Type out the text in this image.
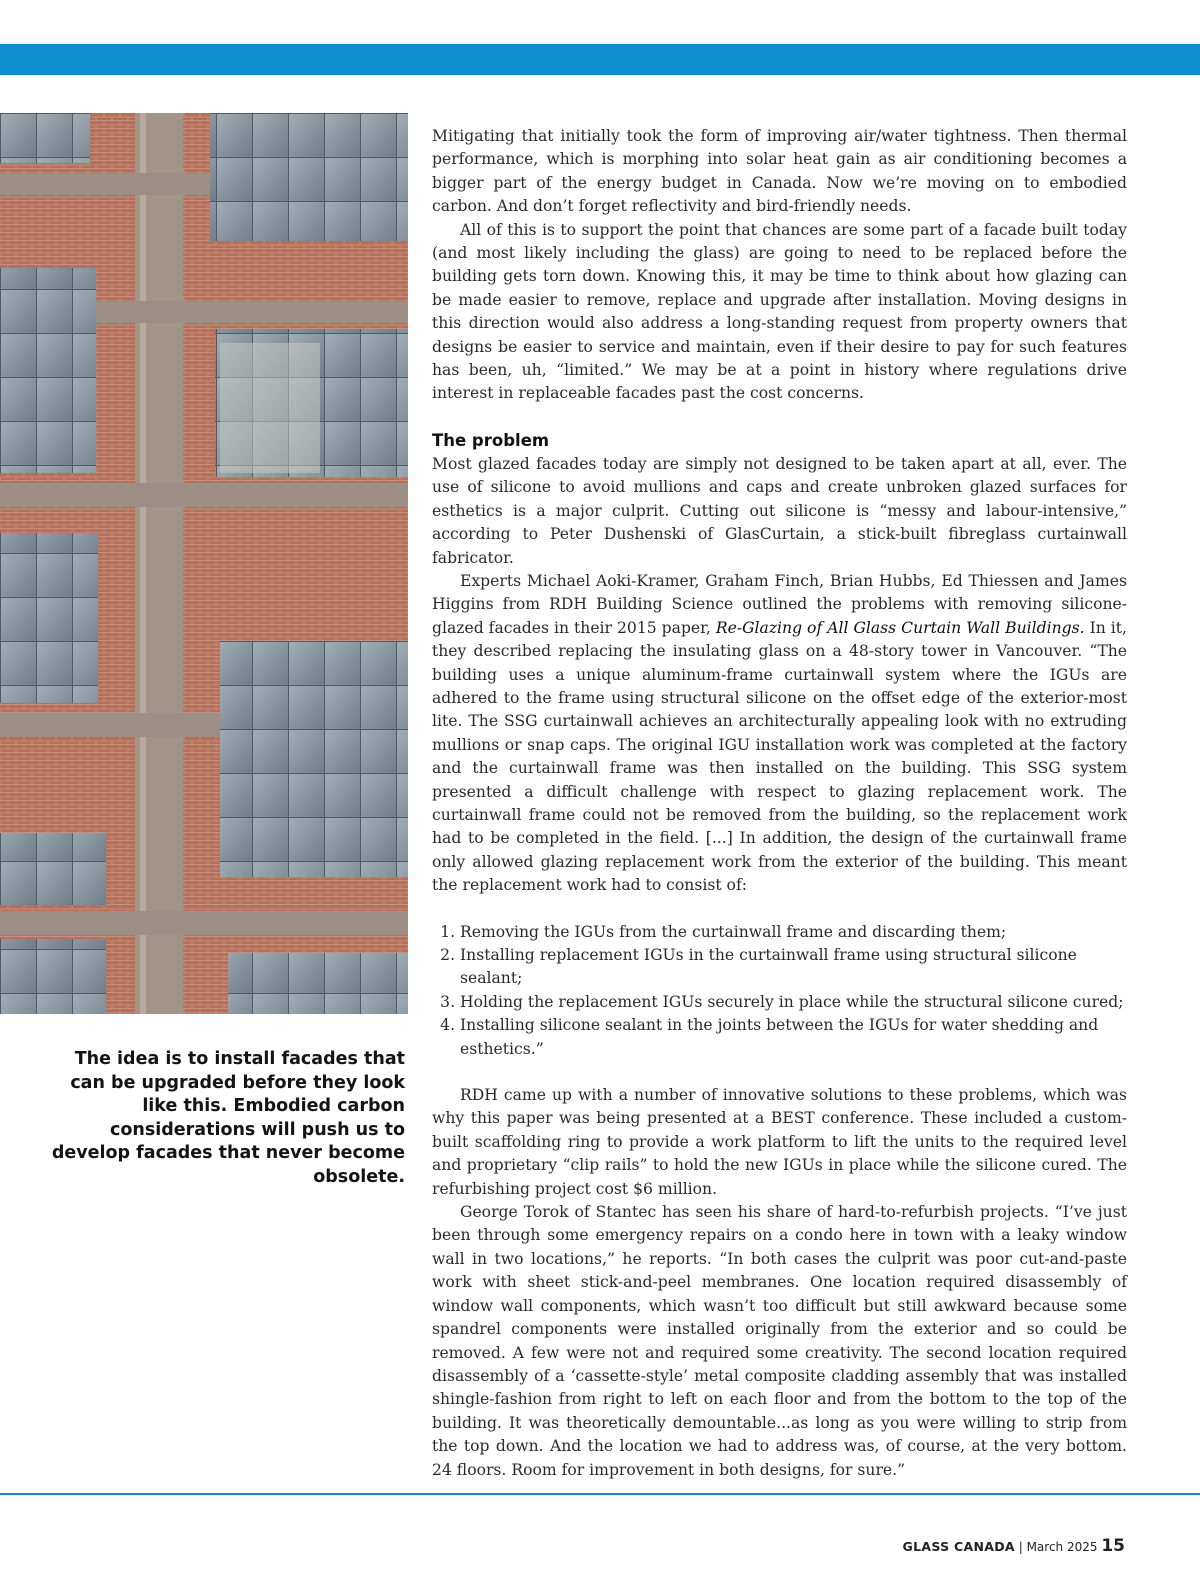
The idea is to install facades that can be upgraded before they look like this. Embodied carbon considerations will push us to develop facades that never become obsolete.

Mitigating that initially took the form of improving air/water tightness. Then thermal performance, which is morphing into solar heat gain as air conditioning becomes a bigger part of the energy budget in Canada. Now we’re moving on to embodied carbon. And don’t forget reflectivity and bird-friendly needs.

All of this is to support the point that chances are some part of a facade built today (and most likely including the glass) are going to need to be replaced before the building gets torn down. Knowing this, it may be time to think about how glazing can be made easier to remove, replace and upgrade after installation. Moving designs in this direction would also address a long-standing request from property owners that designs be easier to service and maintain, even if their desire to pay for such features has been, uh, “limited.” We may be at a point in history where regulations drive interest in replaceable facades past the cost concerns.

The problem

Most glazed facades today are simply not designed to be taken apart at all, ever. The use of silicone to avoid mullions and caps and create unbroken glazed surfaces for esthetics is a major culprit. Cutting out silicone is “messy and labour-intensive,” according to Peter Dushenski of GlasCurtain, a stick-built fibreglass curtainwall fabricator.

Experts Michael Aoki-Kramer, Graham Finch, Brian Hubbs, Ed Thiessen and James Higgins from RDH Building Science outlined the problems with removing silicone-glazed facades in their 2015 paper, Re-Glazing of All Glass Curtain Wall Buildings. In it, they described replacing the insulating glass on a 48-story tower in Vancouver. “The building uses a unique aluminum-frame curtainwall system where the IGUs are adhered to the frame using structural silicone on the offset edge of the exterior-most lite. The SSG curtainwall achieves an architecturally appealing look with no extruding mullions or snap caps. The original IGU installation work was completed at the factory and the curtainwall frame was then installed on the building. This SSG system presented a difficult challenge with respect to glazing replacement work. The curtainwall frame could not be removed from the building, so the replacement work had to be completed in the field. [...] In addition, the design of the curtainwall frame only allowed glazing replacement work from the exterior of the building. This meant the replacement work had to consist of:

1. Removing the IGUs from the curtainwall frame and discarding them;
2. Installing replacement IGUs in the curtainwall frame using structural silicone sealant;
3. Holding the replacement IGUs securely in place while the structural silicone cured;
4. Installing silicone sealant in the joints between the IGUs for water shedding and esthetics.”

RDH came up with a number of innovative solutions to these problems, which was why this paper was being presented at a BEST conference. These included a custom-built scaffolding ring to provide a work platform to lift the units to the required level and proprietary “clip rails” to hold the new IGUs in place while the silicone cured. The refurbishing project cost $6 million.

George Torok of Stantec has seen his share of hard-to-refurbish projects. “I’ve just been through some emergency repairs on a condo here in town with a leaky window wall in two locations,” he reports. “In both cases the culprit was poor cut-and-paste work with sheet stick-and-peel membranes. One location required disassembly of window wall components, which wasn’t too difficult but still awkward because some spandrel components were installed originally from the exterior and so could be removed. A few were not and required some creativity. The second location required disassembly of a ‘cassette-style’ metal composite cladding assembly that was installed shingle-fashion from right to left on each floor and from the bottom to the top of the building. It was theoretically demountable...as long as you were willing to strip from the top down. And the location we had to address was, of course, at the very bottom. 24 floors. Room for improvement in both designs, for sure.”

GLASS CANADA | March 2025 15
